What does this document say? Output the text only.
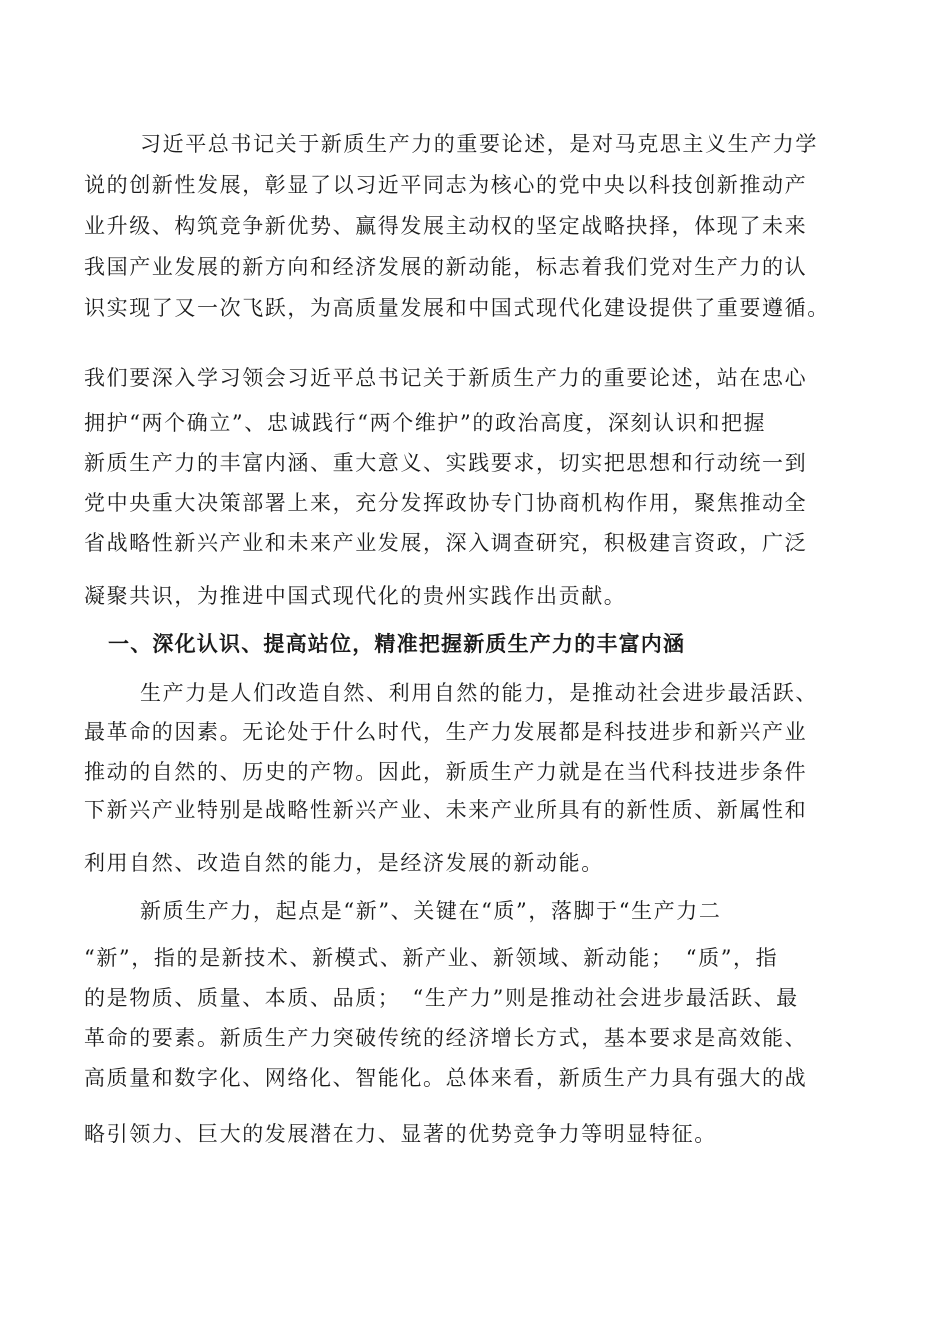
习近平总书记关于新质生产力的重要论述，是对马克思主义生产力学
说的创新性发展，彰显了以习近平同志为核心的党中央以科技创新推动产
业升级、构筑竞争新优势、赢得发展主动权的坚定战略抉择，体现了未来
我国产业发展的新方向和经济发展的新动能，标志着我们党对生产力的认
识实现了又一次飞跃，为高质量发展和中国式现代化建设提供了重要遵循。
我们要深入学习领会习近平总书记关于新质生产力的重要论述，站在忠心
拥护“两个确立”、忠诚践行“两个维护”的政治高度，深刻认识和把握
新质生产力的丰富内涵、重大意义、实践要求，切实把思想和行动统一到
党中央重大决策部署上来，充分发挥政协专门协商机构作用，聚焦推动全
省战略性新兴产业和未来产业发展，深入调查研究，积极建言资政，广泛
凝聚共识，为推进中国式现代化的贵州实践作出贡献。
一、深化认识、提高站位，精准把握新质生产力的丰富内涵
生产力是人们改造自然、利用自然的能力，是推动社会进步最活跃、
最革命的因素。无论处于什么时代，生产力发展都是科技进步和新兴产业
推动的自然的、历史的产物。因此，新质生产力就是在当代科技进步条件
下新兴产业特别是战略性新兴产业、未来产业所具有的新性质、新属性和
利用自然、改造自然的能力，是经济发展的新动能。
新质生产力，起点是“新”、关键在“质”，落脚于“生产力二
“新”，指的是新技术、新模式、新产业、新领域、新动能；　“质”，指
的是物质、质量、本质、品质；　“生产力”则是推动社会进步最活跃、最
革命的要素。新质生产力突破传统的经济增长方式，基本要求是高效能、
高质量和数字化、网络化、智能化。总体来看，新质生产力具有强大的战
略引领力、巨大的发展潜在力、显著的优势竞争力等明显特征。
